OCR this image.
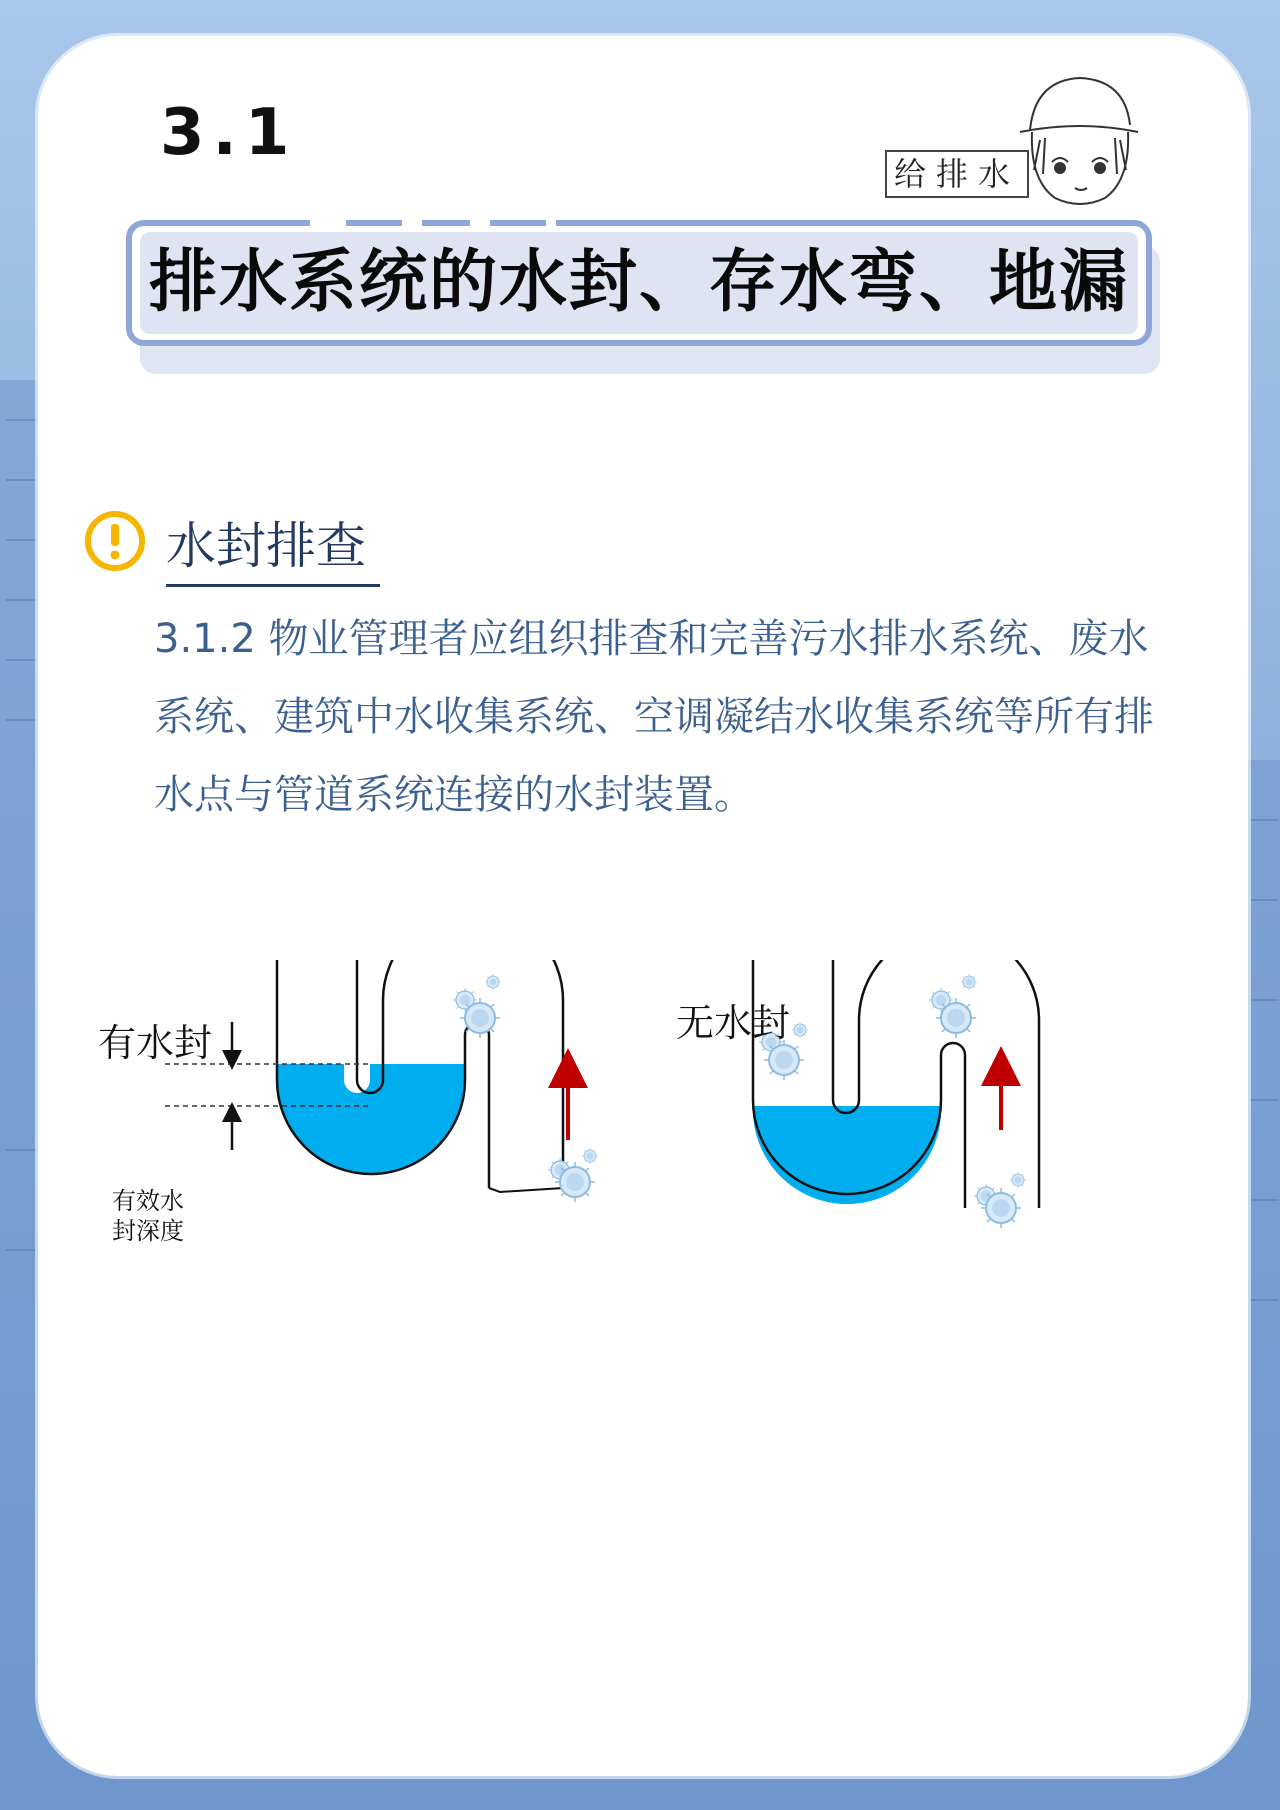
3.1
给排水
排水系统的水封、存水弯、地漏
水封排查
3.1.2 物业管理者应组织排查和完善污水排水系统、废水系统、建筑中水收集系统、空调凝结水收集系统等所有排水点与管道系统连接的水封装置。
有水封	无水封
有效水
封深度
